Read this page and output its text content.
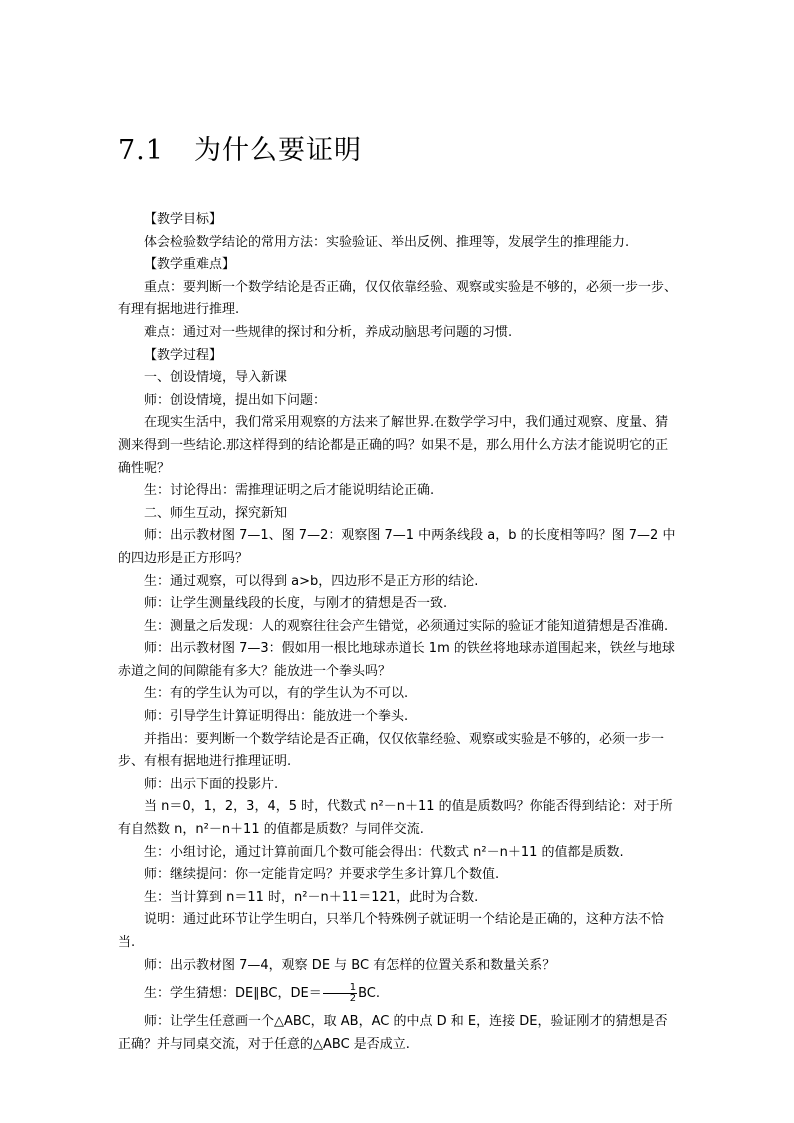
7.1 为什么要证明

【教学目标】

体会检验数学结论的常用方法：实验验证、举出反例、推理等，发展学生的推理能力.

【教学重难点】

重点：要判断一个数学结论是否正确，仅仅依靠经验、观察或实验是不够的，必须一步一步、有理有据地进行推理.

难点：通过对一些规律的探讨和分析，养成动脑思考问题的习惯.

【教学过程】

一、创设情境，导入新课

师：创设情境，提出如下问题：

在现实生活中，我们常采用观察的方法来了解世界.在数学学习中，我们通过观察、度量、猜测来得到一些结论.那这样得到的结论都是正确的吗？如果不是，那么用什么方法才能说明它的正确性呢？

生：讨论得出：需推理证明之后才能说明结论正确.

二、师生互动，探究新知

师：出示教材图 7—1、图 7—2：观察图 7—1 中两条线段 a，b 的长度相等吗？图 7—2 中的四边形是正方形吗？

生：通过观察，可以得到 a>b，四边形不是正方形的结论.

师：让学生测量线段的长度，与刚才的猜想是否一致.

生：测量之后发现：人的观察往往会产生错觉，必须通过实际的验证才能知道猜想是否准确.

师：出示教材图 7—3：假如用一根比地球赤道长 1m 的铁丝将地球赤道围起来，铁丝与地球赤道之间的间隙能有多大？能放进一个拳头吗？

生：有的学生认为可以，有的学生认为不可以.

师：引导学生计算证明得出：能放进一个拳头.

并指出：要判断一个数学结论是否正确，仅仅依靠经验、观察或实验是不够的，必须一步一步、有根有据地进行推理证明.

师：出示下面的投影片.

当 n＝0，1，2，3，4，5 时，代数式 n²－n＋11 的值是质数吗？你能否得到结论：对于所有自然数 n，n²－n＋11 的值都是质数？与同伴交流.

生：小组讨论，通过计算前面几个数可能会得出：代数式 n²－n＋11 的值都是质数.

师：继续提问：你一定能肯定吗？并要求学生多计算几个数值.

生：当计算到 n＝11 时，n²－n＋11＝121，此时为合数.

说明：通过此环节让学生明白，只举几个特殊例子就证明一个结论是正确的，这种方法不恰当.

师：出示教材图 7—4，观察 DE 与 BC 有怎样的位置关系和数量关系？

生：学生猜想：DE∥BC，$DE= \frac{1}{2}$ BC.

师：让学生任意画一个△ABC，取 AB，AC 的中点 D 和 E，连接 DE，验证刚才的猜想是否正确？并与同桌交流，对于任意的△ABC 是否成立.
